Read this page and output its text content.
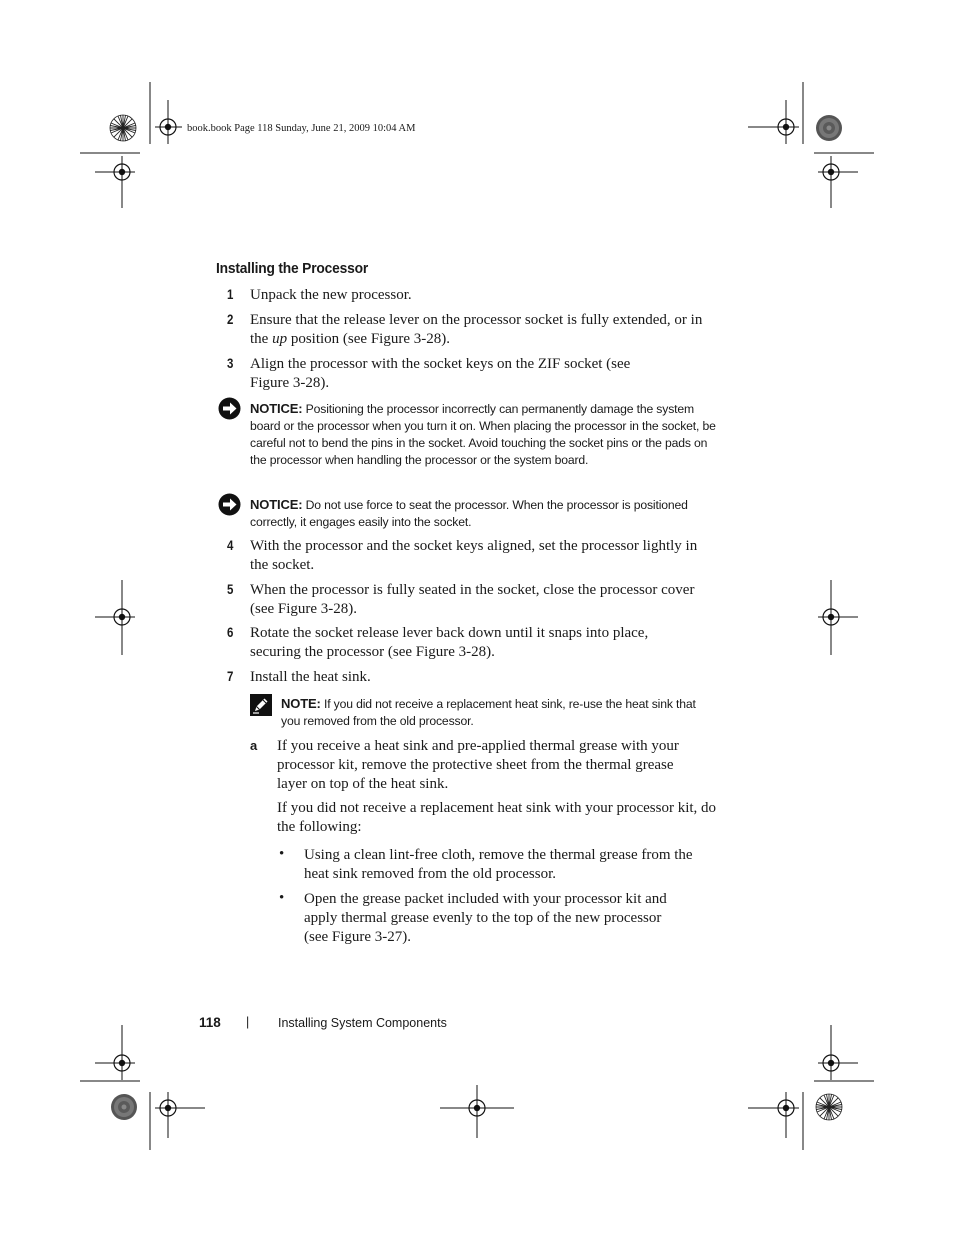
book.book Page 118 Sunday, June 21, 2009 10:04 AM
Installing the Processor
1 Unpack the new processor.
2 Ensure that the release lever on the processor socket is fully extended, or in the up position (see Figure 3-28).
3 Align the processor with the socket keys on the ZIF socket (see Figure 3-28).
NOTICE: Positioning the processor incorrectly can permanently damage the system board or the processor when you turn it on. When placing the processor in the socket, be careful not to bend the pins in the socket. Avoid touching the socket pins or the pads on the processor when handling the processor or the system board.
NOTICE: Do not use force to seat the processor. When the processor is positioned correctly, it engages easily into the socket.
4 With the processor and the socket keys aligned, set the processor lightly in the socket.
5 When the processor is fully seated in the socket, close the processor cover (see Figure 3-28).
6 Rotate the socket release lever back down until it snaps into place, securing the processor (see Figure 3-28).
7 Install the heat sink.
NOTE: If you did not receive a replacement heat sink, re-use the heat sink that you removed from the old processor.
a If you receive a heat sink and pre-applied thermal grease with your processor kit, remove the protective sheet from the thermal grease layer on top of the heat sink.
If you did not receive a replacement heat sink with your processor kit, do the following:
• Using a clean lint-free cloth, remove the thermal grease from the heat sink removed from the old processor.
• Open the grease packet included with your processor kit and apply thermal grease evenly to the top of the new processor (see Figure 3-27).
118 | Installing System Components
